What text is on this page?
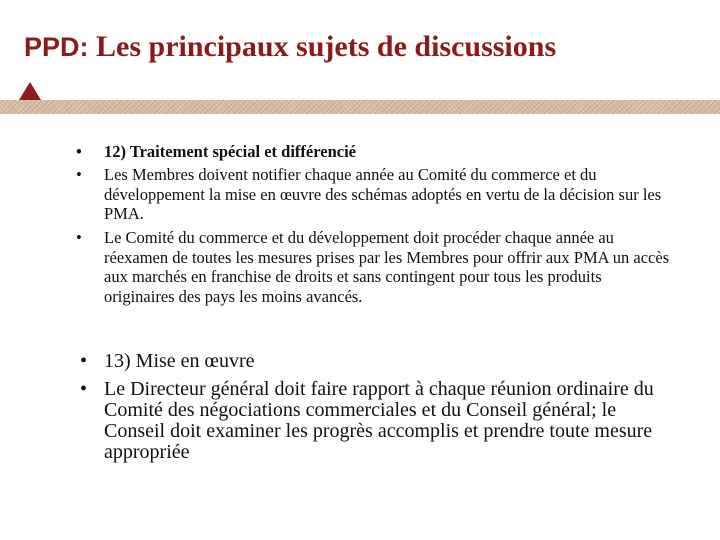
PPD: Les principaux sujets de discussions
• 12) Traitement spécial et différencié
• Les Membres doivent notifier chaque année au Comité du commerce et du développement la mise en œuvre des schémas adoptés en vertu de la décision sur les PMA.
• Le Comité du commerce et du développement doit procéder chaque année au réexamen de toutes les mesures prises par les Membres pour offrir aux PMA un accès aux marchés en franchise de droits et sans contingent pour tous les produits originaires des pays les moins avancés.
• 13) Mise en œuvre
• Le Directeur général doit faire rapport à chaque réunion ordinaire du Comité des négociations commerciales et du Conseil général; le Conseil doit examiner les progrès accomplis et prendre toute mesure appropriée
